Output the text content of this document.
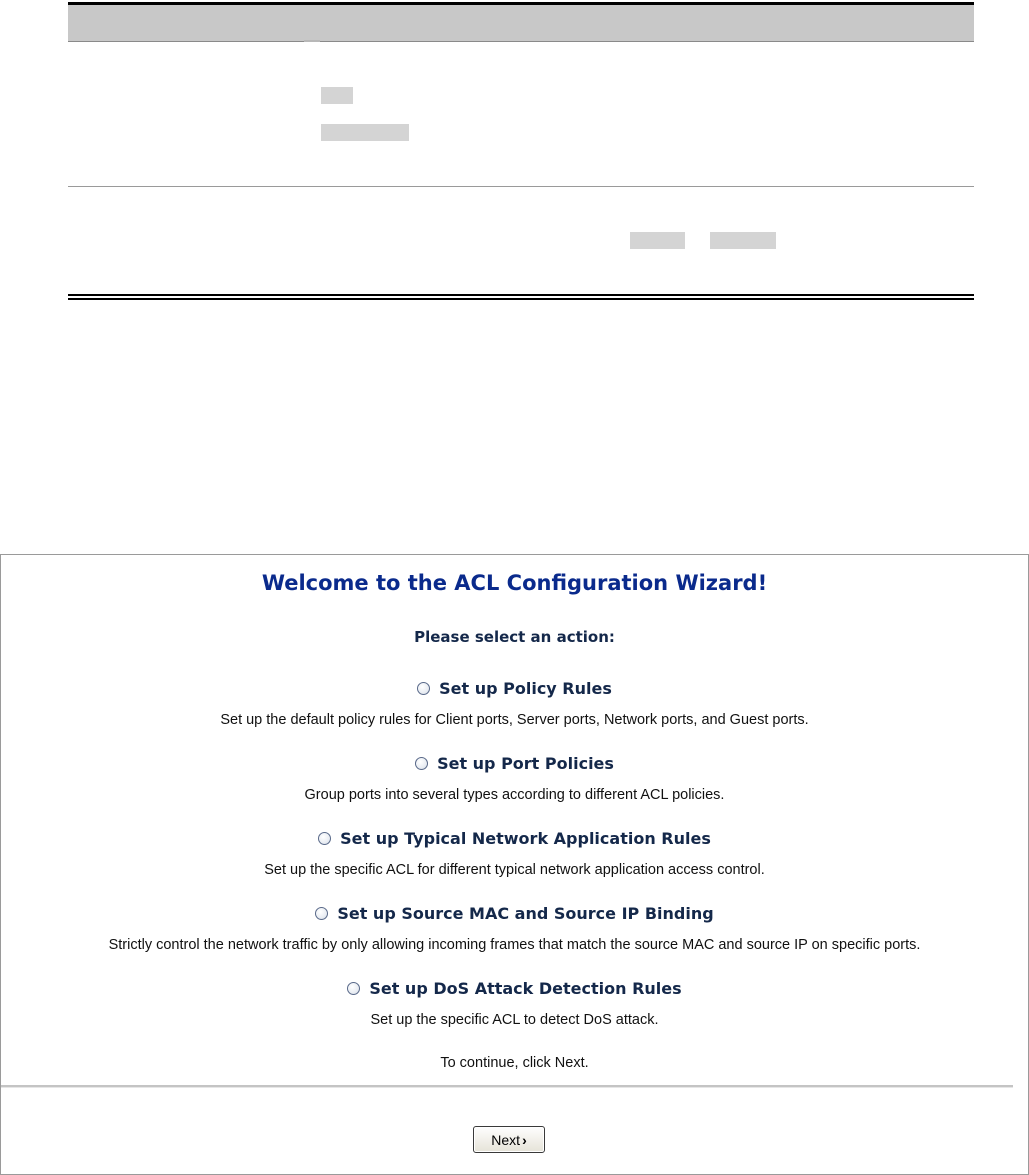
Welcome to the ACL Configuration Wizard!
Please select an action:
Set up Policy Rules
Set up the default policy rules for Client ports, Server ports, Network ports, and Guest ports.
Set up Port Policies
Group ports into several types according to different ACL policies.
Set up Typical Network Application Rules
Set up the specific ACL for different typical network application access control.
Set up Source MAC and Source IP Binding
Strictly control the network traffic by only allowing incoming frames that match the source MAC and source IP on specific ports.
Set up DoS Attack Detection Rules
Set up the specific ACL to detect DoS attack.
To continue, click Next.
Next ›
